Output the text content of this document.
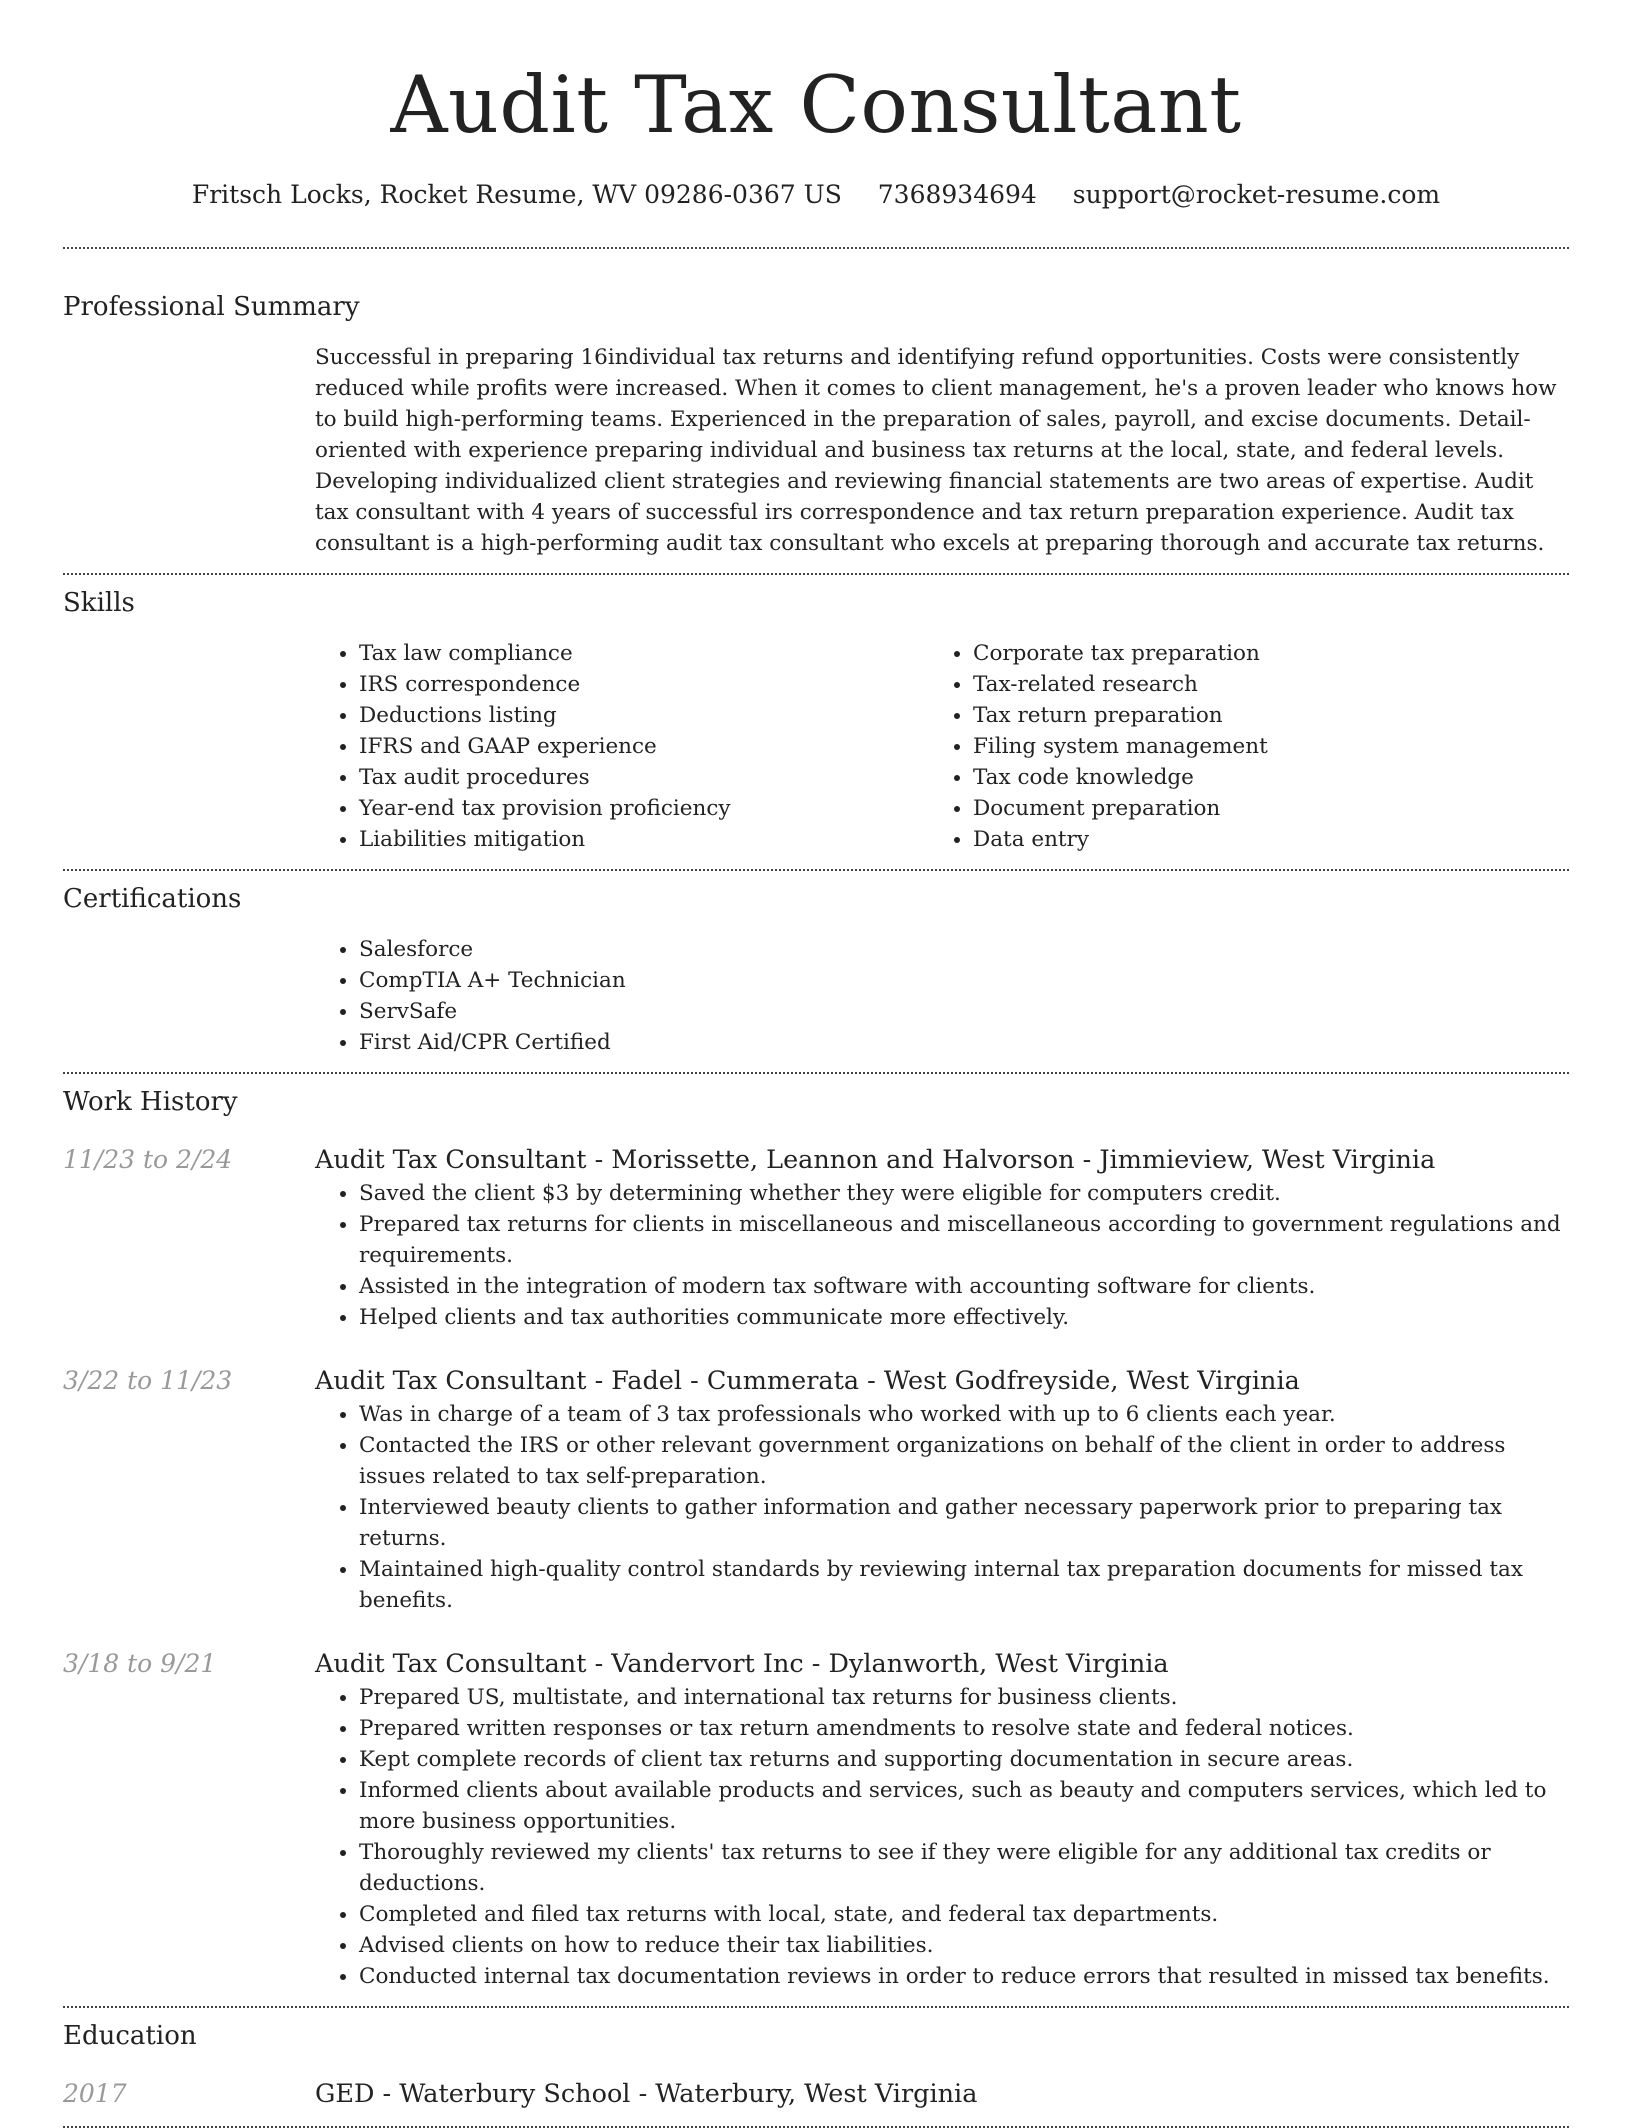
Audit Tax Consultant
Fritsch Locks, Rocket Resume, WV 09286-0367 US 7368934694 support@rocket-resume.com
Professional Summary
Successful in preparing 16individual tax returns and identifying refund opportunities. Costs were consistently reduced while profits were increased. When it comes to client management, he's a proven leader who knows how to build high-performing teams. Experienced in the preparation of sales, payroll, and excise documents. Detail-oriented with experience preparing individual and business tax returns at the local, state, and federal levels. Developing individualized client strategies and reviewing financial statements are two areas of expertise. Audit tax consultant with 4 years of successful irs correspondence and tax return preparation experience. Audit tax consultant is a high-performing audit tax consultant who excels at preparing thorough and accurate tax returns.
Skills
• Tax law compliance
• IRS correspondence
• Deductions listing
• IFRS and GAAP experience
• Tax audit procedures
• Year-end tax provision proficiency
• Liabilities mitigation
• Corporate tax preparation
• Tax-related research
• Tax return preparation
• Filing system management
• Tax code knowledge
• Document preparation
• Data entry
Certifications
• Salesforce
• CompTIA A+ Technician
• ServSafe
• First Aid/CPR Certified
Work History
11/23 to 2/24	Audit Tax Consultant - Morissette, Leannon and Halvorson - Jimmieview, West Virginia
• Saved the client $3 by determining whether they were eligible for computers credit.
• Prepared tax returns for clients in miscellaneous and miscellaneous according to government regulations and requirements.
• Assisted in the integration of modern tax software with accounting software for clients.
• Helped clients and tax authorities communicate more effectively.
3/22 to 11/23	Audit Tax Consultant - Fadel - Cummerata - West Godfreyside, West Virginia
• Was in charge of a team of 3 tax professionals who worked with up to 6 clients each year.
• Contacted the IRS or other relevant government organizations on behalf of the client in order to address issues related to tax self-preparation.
• Interviewed beauty clients to gather information and gather necessary paperwork prior to preparing tax returns.
• Maintained high-quality control standards by reviewing internal tax preparation documents for missed tax benefits.
3/18 to 9/21	Audit Tax Consultant - Vandervort Inc - Dylanworth, West Virginia
• Prepared US, multistate, and international tax returns for business clients.
• Prepared written responses or tax return amendments to resolve state and federal notices.
• Kept complete records of client tax returns and supporting documentation in secure areas.
• Informed clients about available products and services, such as beauty and computers services, which led to more business opportunities.
• Thoroughly reviewed my clients' tax returns to see if they were eligible for any additional tax credits or deductions.
• Completed and filed tax returns with local, state, and federal tax departments.
• Advised clients on how to reduce their tax liabilities.
• Conducted internal tax documentation reviews in order to reduce errors that resulted in missed tax benefits.
Education
2017	GED - Waterbury School - Waterbury, West Virginia
